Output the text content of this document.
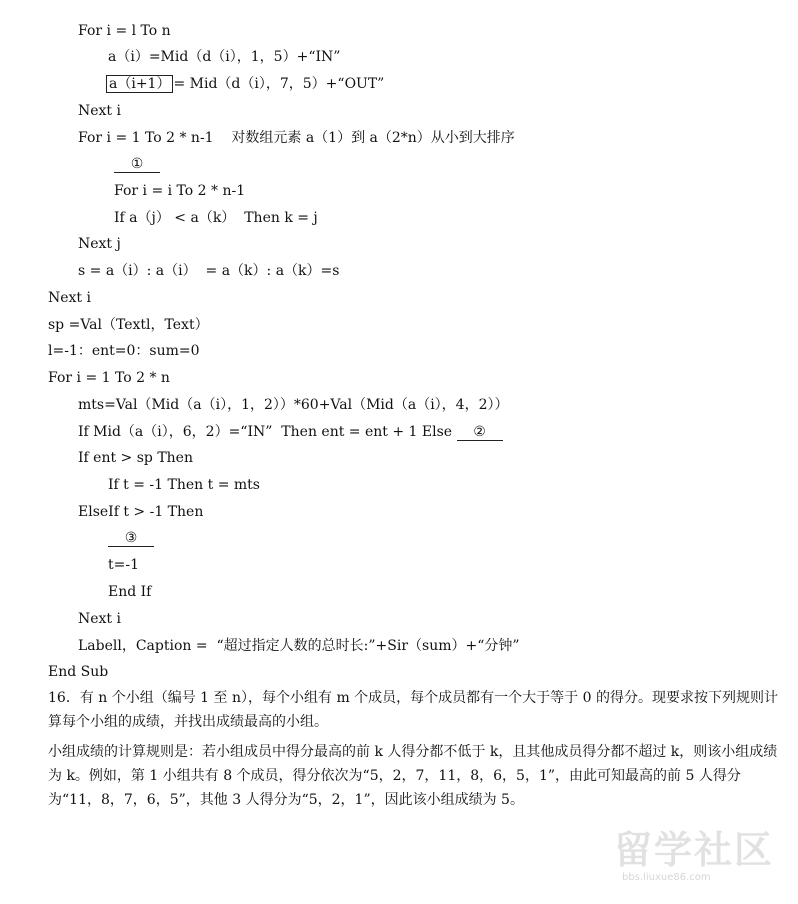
For i = l To n
a（i）=Mid（d（i），1，5）+“IN”
a（i+1） = Mid（d（i），7，5）+“OUT”
Next i
For i = 1 To 2 * n-1    对数组元素 a（1）到 a（2*n）从小到大排序
①
For i = i To 2 * n-1
If a（j） < a（k）  Then k = j
Next j
s = a（i）: a（i）  = a（k）: a（k）=s
Next i
sp =Val（Textl，Text）
l=-1：ent=0：sum=0
For i = 1 To 2 * n
mts=Val（Mid（a（i），1，2））*60+Val（Mid（a（i），4，2））
If Mid（a（i），6，2）=“IN”  Then ent = ent + 1 Else ②
If ent > sp Then
If t = -1 Then t = mts
ElseIf t > -1 Then
③
t=-1
End If
Next i
Labell，Caption =  “超过指定人数的总时长:”+Sir（sum）+“分钟”
End Sub
16．有 n 个小组（编号 1 至 n），每个小组有 m 个成员，每个成员都有一个大于等于 0 的得分。现要求按下列规则计算每个小组的成绩，并找出成绩最高的小组。
小组成绩的计算规则是：若小组成员中得分最高的前 k 人得分都不低于 k，且其他成员得分都不超过 k，则该小组成绩为 k。例如，第 1 小组共有 8 个成员，得分依次为“5，2，7，11，8，6，5，1”，由此可知最高的前 5 人得分为“11，8，7，6，5”，其他 3 人得分为“5，2，1”，因此该小组成绩为 5。
留学社区
bbs.liuxue86.com
